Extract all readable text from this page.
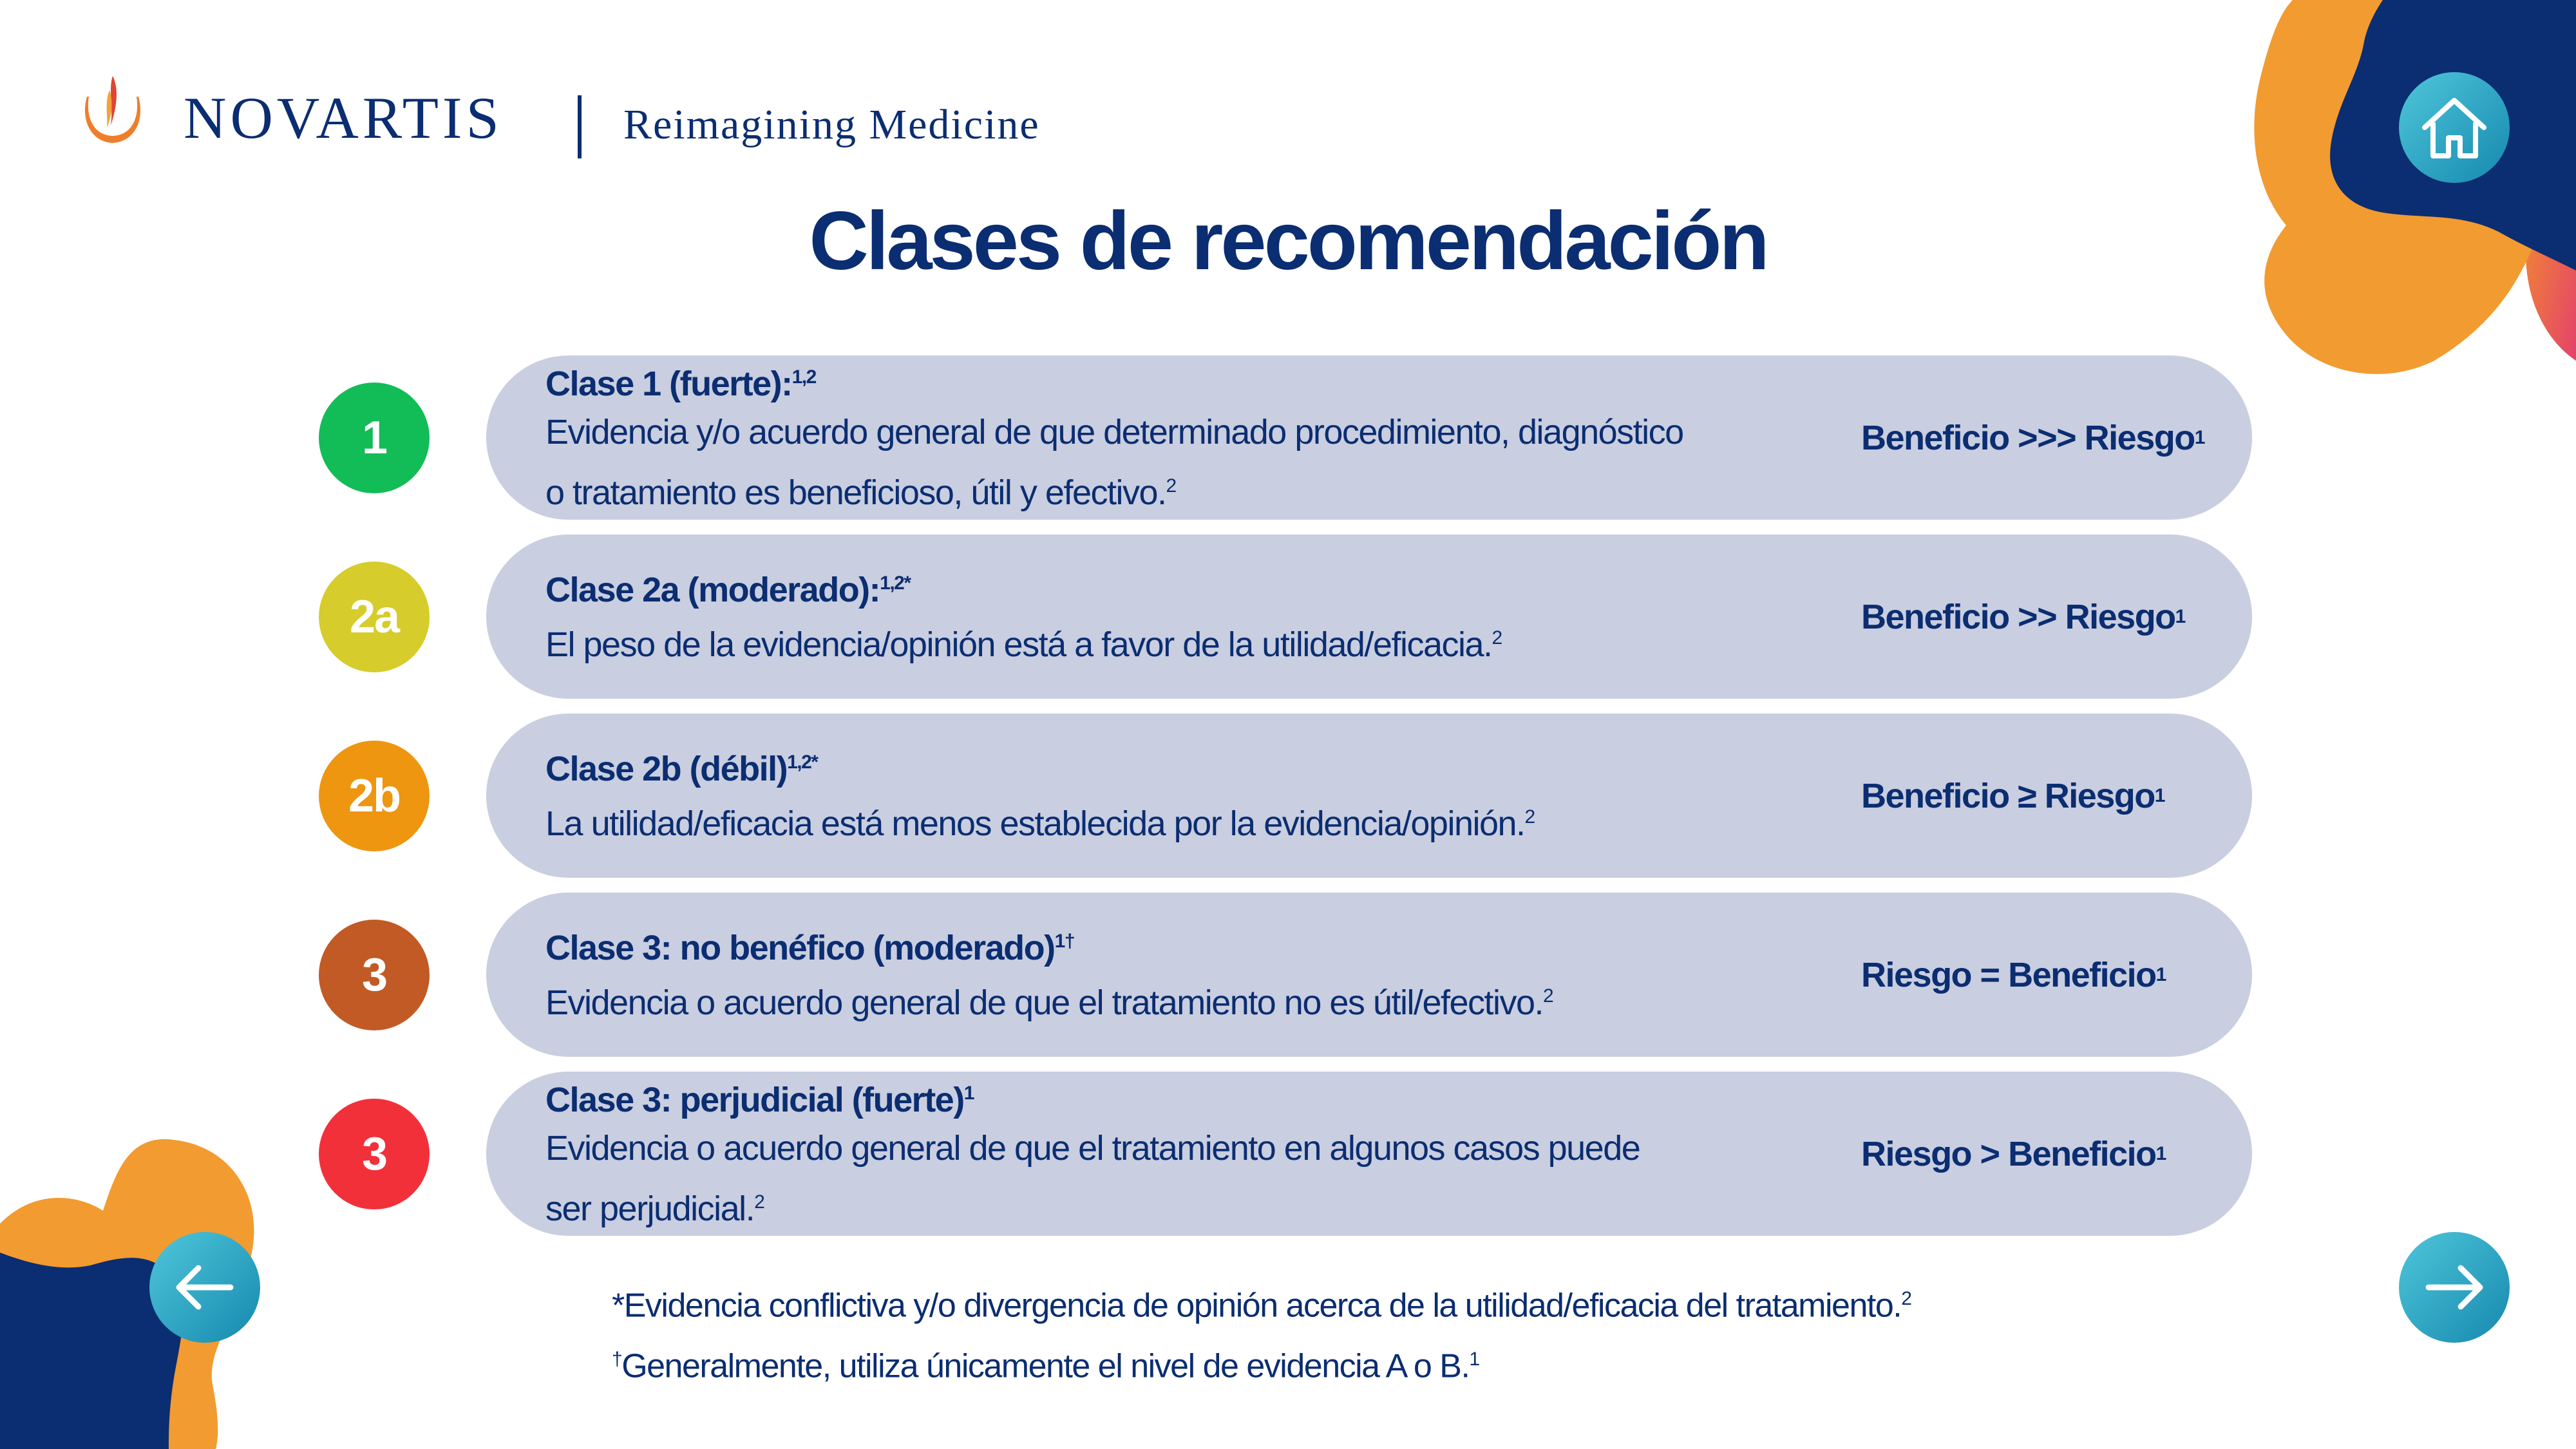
NOVARTIS	Reimagining Medicine
Clases de recomendación
1
Clase 1 (fuerte):$^{1,2}$
Evidencia y/o acuerdo general de que determinado procedimiento, diagnóstico
o tratamiento es beneficioso, útil y efectivo.$^2$
Beneficio >>> Riesgo 1
2a
Clase 2a (moderado):$^{1,2*}$
El peso de la evidencia/opinión está a favor de la utilidad/eficacia.$^2$
Beneficio >> Riesgo 1
2b
Clase 2b (débil)$^{1,2*}$
La utilidad/eficacia está menos establecida por la evidencia/opinión.$^2$
Beneficio ≥ Riesgo 1
3
Clase 3: no benéfico (moderado)$^{1\dagger}$
Evidencia o acuerdo general de que el tratamiento no es útil/efectivo.$^2$
Riesgo = Beneficio 1
3
Clase 3: perjudicial (fuerte)$^1$
Evidencia o acuerdo general de que el tratamiento en algunos casos puede
ser perjudicial.$^2$
Riesgo > Beneficio 1
*Evidencia conflictiva y/o divergencia de opinión acerca de la utilidad/eficacia del tratamiento.$^2$
†Generalmente, utiliza únicamente el nivel de evidencia A o B.$^1$
